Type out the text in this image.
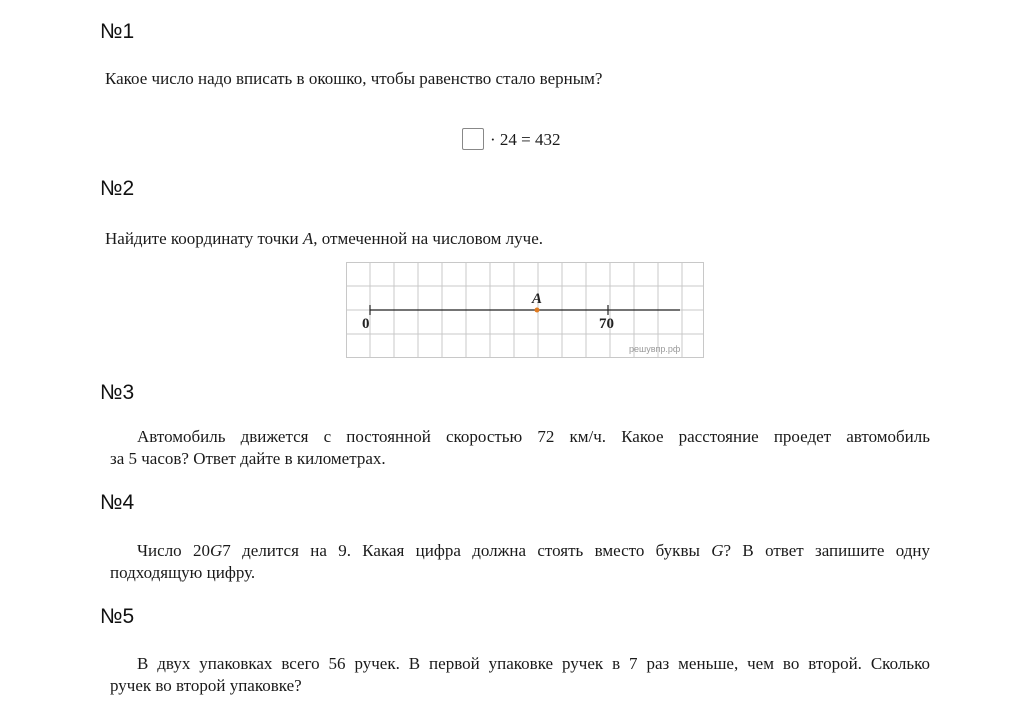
№1
Какое число надо вписать в окошко, чтобы равенство стало верным?
· 24 = 432
№2
Найдите координату точки A, отмеченной на числовом луче.
0	70
A
решувпр.рф
№3
Автомобиль движется с постоянной скоростью 72 км/ч. Какое расстояние проедет автомобиль
за 5 часов? Ответ дайте в километрах.
№4
Число 20G7 делится на 9. Какая цифра должна стоять вместо буквы G? В ответ запишите одну
подходящую цифру.
№5
В двух упаковках всего 56 ручек. В первой упаковке ручек в 7 раз меньше, чем во второй. Сколько
ручек во второй упаковке?
